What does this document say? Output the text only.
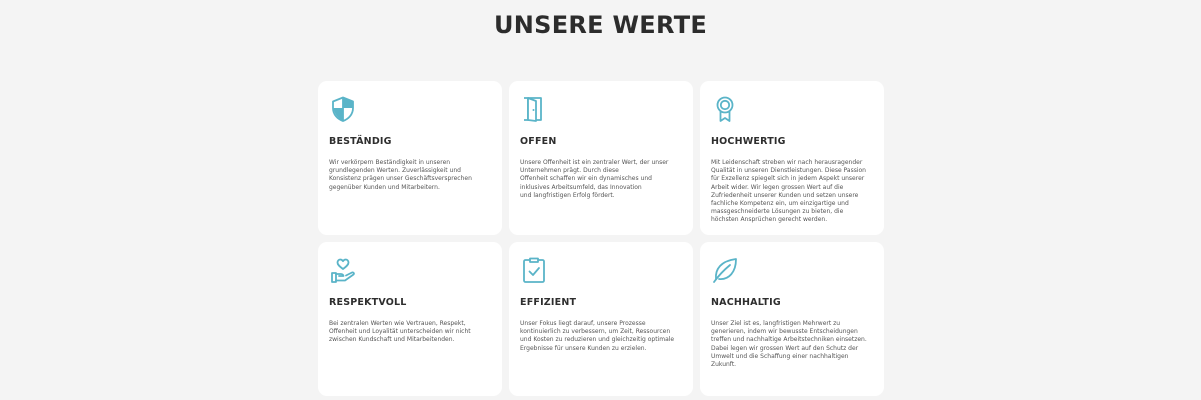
UNSERE WERTE
BESTÄNDIG

Wir verkörpern Beständigkeit in unseren
grundlegenden Werten. Zuverlässigkeit und
Konsistenz prägen unser Geschäftsversprechen
gegenüber Kunden und Mitarbeitern.

OFFEN

Unsere Offenheit ist ein zentraler Wert, der unser
Unternehmen prägt. Durch diese
Offenheit schaffen wir ein dynamisches und
inklusives Arbeitsumfeld, das Innovation
und langfristigen Erfolg fördert.

HOCHWERTIG

Mit Leidenschaft streben wir nach herausragender
Qualität in unseren Dienstleistungen. Diese Passion
für Exzellenz spiegelt sich in jedem Aspekt unserer
Arbeit wider. Wir legen grossen Wert auf die
Zufriedenheit unserer Kunden und setzen unsere
fachliche Kompetenz ein, um einzigartige und
massgeschneiderte Lösungen zu bieten, die
höchsten Ansprüchen gerecht werden.

RESPEKTVOLL

Bei zentralen Werten wie Vertrauen, Respekt,
Offenheit und Loyalität unterscheiden wir nicht
zwischen Kundschaft und Mitarbeitenden.

EFFIZIENT

Unser Fokus liegt darauf, unsere Prozesse
kontinuierlich zu verbessern, um Zeit, Ressourcen
und Kosten zu reduzieren und gleichzeitig optimale
Ergebnisse für unsere Kunden zu erzielen.

NACHHALTIG

Unser Ziel ist es, langfristigen Mehrwert zu
generieren, indem wir bewusste Entscheidungen
treffen und nachhaltige Arbeitstechniken einsetzen.
Dabei legen wir grossen Wert auf den Schutz der
Umwelt und die Schaffung einer nachhaltigen
Zukunft.
